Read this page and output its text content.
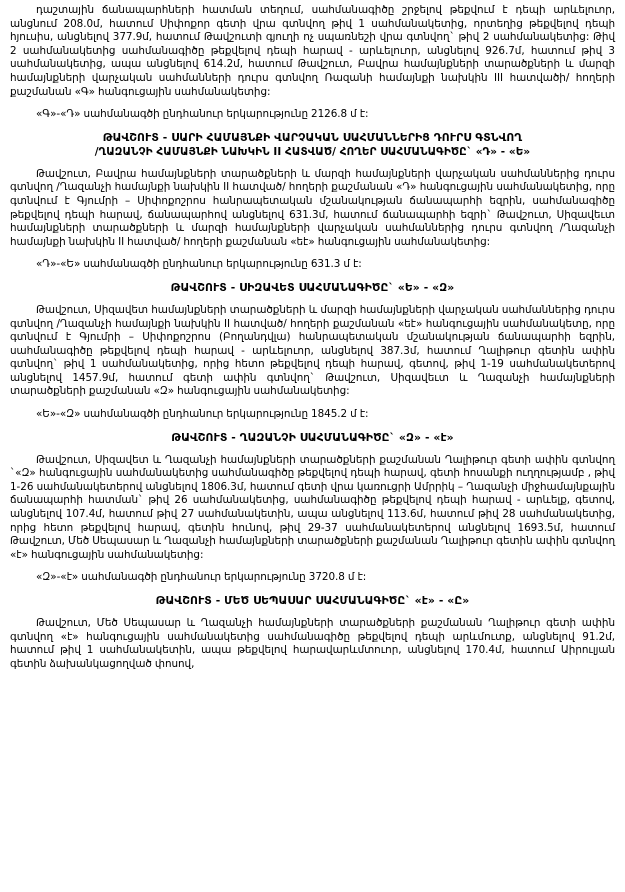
դաշտային ճանապարհների հատման տեղում, սահմանագիծը շրջելով թեքվում է դեպի արևելուոր, անցնում 208.0մ, հատում Սիփոքոր գետի վրա գտնվող թիվ 1 սահմանակետից, որտեղից թեքվելով դեպի հյուսիս, անցնելով 377.9մ, հատում Թավշուտի գյուղի ոչ սպառնեշի վրա գտնվող` թիվ 2 սահմանակետից: Թիվ 2 սահմանակետից սահմանագիծը թեքվելով դեպի հարավ - արևելուոր, անցնելով 926.7մ, հատում թիվ 3 սահմանակետից, ապա անցնելով 614.2մ, հատում Թավշուտ, Բավրա համայնքների տարածքների և մարզի համայնքների վարչական սահմանների դուրս գտնվող Ռազանի համայնքի նախկին III հատվածի/ հողերի քաշմանան «Գ» հանգուցային սահմանակետից:

«Գ»-«Դ» սահմանագծի ընդհանուր երկարությունը 2126.8 մ է:

ԹԱՎՇՈՒՏ - ՍԱՐԻ ՀԱՄԱՅՆՔԻ ՎԱՐՉԱԿԱՆ ՍԱՀՄԱՆՆԵՐԻՑ ԴՈՒՐՍ ԳՏՆՎՈՂ
/ՂԱԶԱՆՉԻ ՀԱՄԱՅՆՔԻ ՆԱԽԿԻՆ II ՀԱՏՎԱԾ/ ՀՈՂԵՐ ՍԱՀՄԱՆԱԳԻԾԸ` «Դ» - «Ե»

Թավշուտ, Բավրա համայնքների տարածքների և մարզի համայնքների վարչական սահմաններից դուրս գտնվող /Ղազանչի համայնքի նախկին II հատված/ հողերի քաշմանան «Դ» հանգուցային սահմանակետից, որը գտնվում է Գյումրի – Սիփոքոշրոս հանրապետական մշանակության ճանապարհի եզրին, սահմանագիծը թեքվելով դեպի հարավ, ճանապարհով անցնելով 631.3մ, հատում ճանապարհի եզրի` Թավշուտ, Սիզավեւտ համայնքների տարածքների և մարզի համայնքների վարչական սահմաններից դուրս գտնվող /Ղազանչի համայնքի նախկին II հատված/ հողերի քաշմանան «եէ» հանգուցային սահմանակետից:

«Դ»-«Ե» սահմանագծի ընդհանուր երկարությունը 631.3 մ է:

ԹԱՎՇՈՒՏ - ՍԻԶԱՎԵՏ ՍԱՀՄԱՆԱԳԻԾԸ` «Ե» - «Զ»

Թավշուտ, Սիզավետ համայնքների տարածքների և մարզի համայնքների վարչական սահմաններից դուրս գտնվող /Ղազանչի համայնքի նախկին II հատված/ հողերի քաշմանան «եէ» հանգուցային սահմանակետը, որը գտնվում է Գյումրի – Սիփոքոշրոս (Բողանդվլա) հանրապետական մշանակության ճանապարհի եզրին, սահմանագիծը թեքվելով դեպի հարավ - արևելուոր, անցնելով 387.3մ, հատում Ղալիթուր գետին ափին գտնվող` թիվ 1 սահմանակետից, որից հետո թեքվելով դեպի հարավ, գետով, թիվ 1-19 սահմանակետերով անցնելով 1457.9մ, հատում գետի ափին գտնվող` Թավշուտ, Սիզավեւտ և Ղազանչի համայնքների տարածքների քաշմանան «Զ» հանգուցային սահմանակետից:

«Ե»-«Զ» սահմանագծի ընդհանուր երկարությունը 1845.2 մ է:

ԹԱՎՇՈՒՏ - ՂԱԶԱՆՉԻ ՍԱՀՄԱՆԱԳԻԾԸ` «Զ» - «է»

Թավշուտ, Սիզավետ և Ղազանչի համայնքների տարածքների քաշմանան Ղալիթուր գետի ափին գտնվող `«Զ» հանգուցային սահմանակետից սահմանագիծը թեքվելով դեպի հարավ, գետի հոսանքի ուղղությամբ , թիվ 1-26 սահմանակետերով անցնելով 1806.3մ, հատում գետի վրա կառուցրի Ամրրիկ – Ղազանչի միջհամայնքային ճանապարհի հատման` թիվ 26 սահմանակետից, սահմանագիծը թեքվելով դեպի հարավ - արևելք, գետով, անցնելով 107.4մ, հատում թիվ 27 սահմանակետին, ապա անցնելով 113.6մ, հատում թիվ 28 սահմանակետից, որից հետո թեքվելով հարավ, գետին հունով, թիվ 29-37 սահմանակետերով անցնելով 1693.5մ, հատում Թավշուտ, Մեծ Սեպասար և Ղազանչի համայնքների տարածքների քաշմանան Ղալիթուր գետին ափին գտնվող «է» հանգուցային սահմանակետից:

«Զ»-«է» սահմանագծի ընդհանուր երկարությունը 3720.8 մ է:

ԹԱՎՇՈՒՏ - ՄԵԾ ՍԵՊԱՍԱՐ ՍԱՀՄԱՆԱԳԻԾԸ` «է» - «Ը»

Թավշուտ, Մեծ Սեպասար և Ղազանչի համայնքների տարածքների քաշմանան Ղալիթուր գետի ափին գտնվող «է» հանգուցային սահմանակետից սահմանագիծը թեքվելով դեպի արևմուտք, անցնելով 91.2մ, հատում թիվ 1 սահմանակետին, ապա թեքվելով հարավարևմտուոր, անցնելով 170.4մ, հատում Աիրուլյան գետին ձախանկացողված փոսով,
